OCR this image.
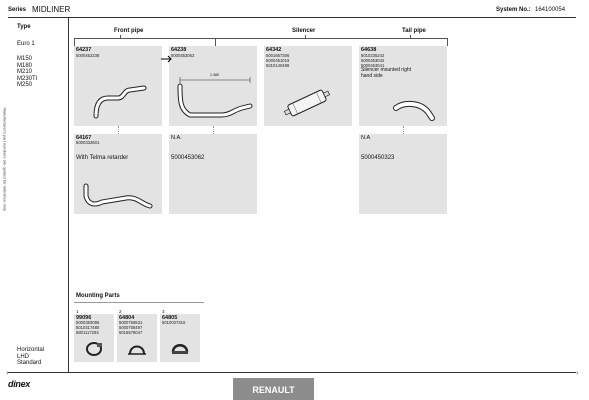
Series MIDLINER	System No.: 164100054
Manufacturer's part numbers are quoted for reference only
Type
Euro 1
M150
M180
M210
M230TI
M250
Horizontal
LHD
Standard
Front pipe	Silencer	Tail pipe
64237
5000452238
64238
5000453063
1.385
64342
5001667306
5000451019
5010140498
64638
5010235242
5000453042
5000453041
Silencer mounted right hand side
64167
5000332601
With Telma retarder
N.A.
5000453062
N.A
5000450323
Mounting Parts
1
99096
5000383085
5010317480
5801117294
2
64804
5000758531
5000758497
5016578047
3
64805
5010037316
1	1
dinex
RENAULT
